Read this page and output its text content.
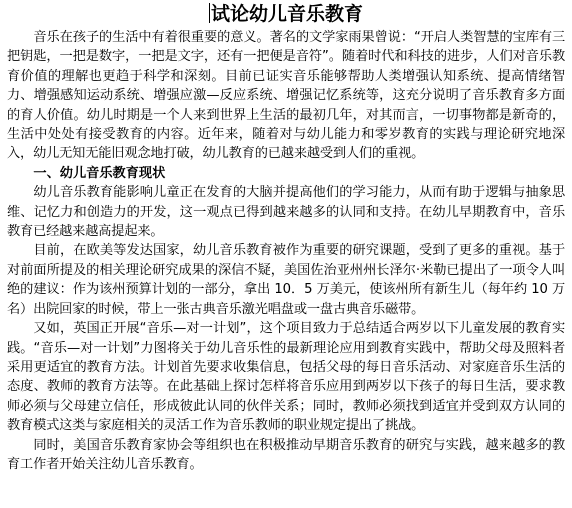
试论幼儿音乐教育

音乐在孩子的生活中有着很重要的意义。著名的文学家雨果曾说：“开启人类智慧的宝库有三把钥匙，一把是数字，一把是文字，还有一把便是音符”。随着时代和科技的进步，人们对音乐教育价值的理解也更趋于科学和深刻。目前已证实音乐能够帮助人类增强认知系统、提高情绪智力、增强感知运动系统、增强应激—反应系统、增强记忆系统等，这充分说明了音乐教育多方面的育人价值。幼儿时期是一个人来到世界上生活的最初几年，对其而言，一切事物都是新奇的，生活中处处有接受教育的内容。近年来，随着对与幼儿能力和零岁教育的实践与理论研究地深入，幼儿无知无能旧观念地打破，幼儿教育的已越来越受到人们的重视。

一、幼儿音乐教育现状

幼儿音乐教育能影响儿童正在发育的大脑并提高他们的学习能力，从而有助于逻辑与抽象思维、记忆力和创造力的开发，这一观点已得到越来越多的认同和支持。在幼儿早期教育中，音乐教育已经越来越高提起来。

目前，在欧美等发达国家，幼儿音乐教育被作为重要的研究课题，受到了更多的重视。基于对前面所提及的相关理论研究成果的深信不疑，美国佐治亚州州长泽尔·米勒已提出了一项令人叫绝的建议：作为该州预算计划的一部分，拿出 10．5 万美元，使该州所有新生儿（每年约 10 万名）出院回家的时候，带上一张古典音乐激光唱盘或一盘古典音乐磁带。

又如，英国正开展“音乐—对一计划”，这个项目致力于总结适合两岁以下儿童发展的教育实践。“音乐—对一计划”力图将关于幼儿音乐性的最新理论应用到教育实践中，帮助父母及照料者采用更适宜的教育方法。计划首先要求收集信息，包括父母的每日音乐活动、对家庭音乐生活的态度、教师的教育方法等。在此基础上探讨怎样将音乐应用到两岁以下孩子的每日生活，要求教师必须与父母建立信任，形成彼此认同的伙伴关系；同时，教师必须找到适宜并受到双方认同的教育模式这类与家庭相关的灵活工作为音乐教师的职业规定提出了挑战。

同时，美国音乐教育家协会等组织也在积极推动早期音乐教育的研究与实践，越来越多的教育工作者开始关注幼儿音乐教育。
